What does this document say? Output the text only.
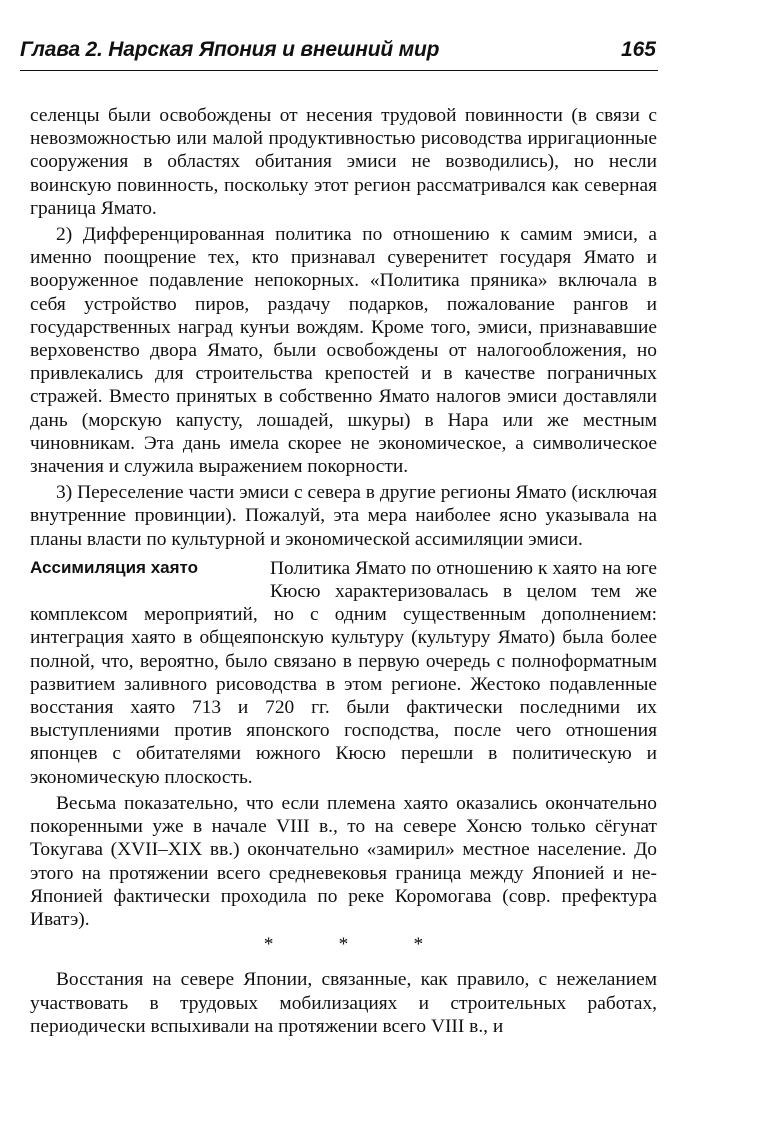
Глава 2. Нарская Япония и внешний мир	165

селенцы были освобождены от несения трудовой повинности (в связи с невозможностью или малой продуктивностью рисоводства ирригационные сооружения в областях обитания эмиси не возводились), но несли воинскую повинность, поскольку этот регион рассматривался как северная граница Ямато.

2) Дифференцированная политика по отношению к самим эмиси, а именно поощрение тех, кто признавал суверенитет государя Ямато и вооруженное подавление непокорных. «Политика пряника» включала в себя устройство пиров, раздачу подарков, пожалование рангов и государственных наград кунъи вождям. Кроме того, эмиси, признававшие верховенство двора Ямато, были освобождены от налогообложения, но привлекались для строительства крепостей и в качестве пограничных стражей. Вместо принятых в собственно Ямато налогов эмиси доставляли дань (морскую капусту, лошадей, шкуры) в Нара или же местным чиновникам. Эта дань имела скорее не экономическое, а символическое значения и служила выражением покорности.

3) Переселение части эмиси с севера в другие регионы Ямато (исключая внутренние провинции). Пожалуй, эта мера наиболее ясно указывала на планы власти по культурной и экономической ассимиляции эмиси.

Ассимиляция хаято	Политика Ямато по отношению к хаято на юге Кюсю характеризовалась в целом тем же комплексом мероприятий, но с одним существенным дополнением: интеграция хаято в общеяпонскую культуру (культуру Ямато) была более полной, что, вероятно, было связано в первую очередь с полноформатным развитием заливного рисоводства в этом регионе. Жестоко подавленные восстания хаято 713 и 720 гг. были фактически последними их выступлениями против японского господства, после чего отношения японцев с обитателями южного Кюсю перешли в политическую и экономическую плоскость.

Весьма показательно, что если племена хаято оказались окончательно покоренными уже в начале VIII в., то на севере Хонсю только сёгунат Токугава (XVII–XIX вв.) окончательно «замирил» местное население. До этого на протяжении всего средневековья граница между Японией и не-Японией фактически проходила по реке Коромогава (совр. префектура Иватэ).

*	*	*

Восстания на севере Японии, связанные, как правило, с нежеланием участвовать в трудовых мобилизациях и строительных работах, периодически вспыхивали на протяжении всего VIII в., и
